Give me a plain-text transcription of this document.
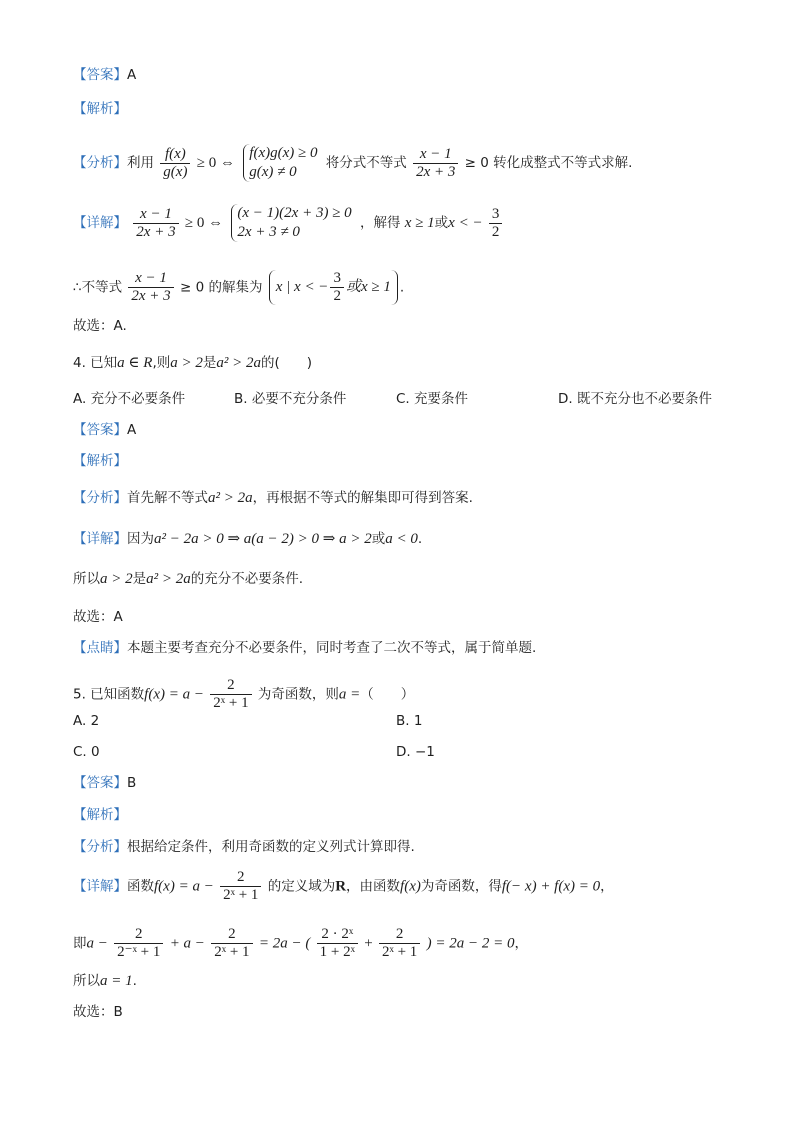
【答案】A
【解析】
【分析】利用 $\frac{f(x)}{g(x)} \ge 0$ ⇔
f(x)g(x) ≥ 0
g(x) ≠ 0
将分式不等式 $\frac{x - 1}{2x + 3} \ge 0$ 转化成整式不等式求解.
【详解】 $\frac{x - 1}{2x + 3} \ge 0$ ⇔
(x − 1)(2x + 3) ≥ 0
2x + 3 ≠ 0
，解得 x ≥ 1或x < − $\frac{3}{2}$
∴不等式 $\frac{x - 1}{2x + 3} \ge 0$ 的解集为 x | x < − $\frac{3}{2}$ 或x ≥ 1 .
故选：A.
4. 已知a ∈ R,则a > 2是a² > 2a的(　　)
A. 充分不必要条件	B. 必要不充分条件	C. 充要条件	D. 既不充分也不必要条件
【答案】A
【解析】
【分析】首先解不等式a² > 2a，再根据不等式的解集即可得到答案.
【详解】因为a² − 2a > 0 ⇒ a(a − 2) > 0 ⇒ a > 2或a < 0.
所以a > 2是a² > 2a的充分不必要条件.
故选：A
【点睛】本题主要考查充分不必要条件，同时考查了二次不等式，属于简单题.
5. 已知函数$f(x) = a - \frac{2}{\text{2ˣ + 1}}$ 为奇函数，则a =（　　）
A. 2	B. 1
C. 0	D. −1
【答案】B
【解析】
【分析】根据给定条件，利用奇函数的定义列式计算即得.
【详解】函数$f(x) = a - \frac{2}{\text{2ˣ + 1}}$ 的定义域为R，由函数f(x)为奇函数，得f(− x) + f(x) = 0，
即$a - \frac{2}{\text{2⁻ˣ + 1}} + a - \frac{2}{\text{2ˣ + 1}} = 2a$ − ( $\frac{\text{2 · 2ˣ}}{\text{1 + 2ˣ}} + \frac{2}{\text{2ˣ + 1}}$ ) = 2a − 2 = 0，
所以a = 1.
故选：B
